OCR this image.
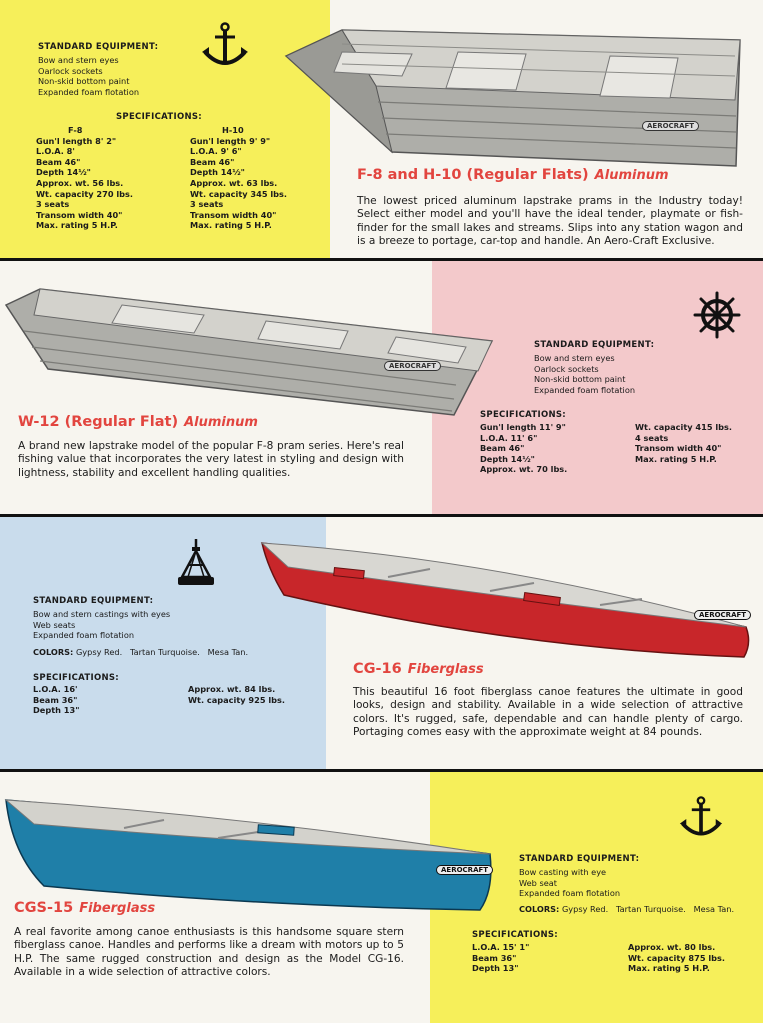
STANDARD EQUIPMENT:
Bow and stern eyes
Oarlock sockets
Non-skid bottom paint
Expanded foam flotation
SPECIFICATIONS:
F-8
Gun'l length 8' 2"
L.O.A. 8'
Beam 46"
Depth 14½"
Approx. wt. 56 lbs.
Wt. capacity 270 lbs.
3 seats
Transom width 40"
Max. rating 5 H.P.
H-10
Gun'l length 9' 9"
L.O.A. 9' 6"
Beam 46"
Depth 14½"
Approx. wt. 63 lbs.
Wt. capacity 345 lbs.
3 seats
Transom width 40"
Max. rating 5 H.P.
AEROCRAFT
F-8 and H-10 (Regular Flats) Aluminum
The lowest priced aluminum lapstrake prams in the Industry today! Select either model and you'll have the ideal tender, playmate or fish-finder for the small lakes and streams. Slips into any station wagon and is a breeze to portage, car-top and handle. An Aero-Craft Exclusive.
AEROCRAFT
STANDARD EQUIPMENT:
Bow and stern eyes
Oarlock sockets
Non-skid bottom paint
Expanded foam flotation
SPECIFICATIONS:
Gun'l length 11' 9"
L.O.A. 11' 6"
Beam 46"
Depth 14½"
Approx. wt. 70 lbs.
Wt. capacity 415 lbs.
4 seats
Transom width 40"
Max. rating 5 H.P.
W-12 (Regular Flat) Aluminum
A brand new lapstrake model of the popular F-8 pram series. Here's real fishing value that incorporates the very latest in styling and design with lightness, stability and excellent handling qualities.
STANDARD EQUIPMENT:
Bow and stern castings with eyes
Web seats
Expanded foam flotation
COLORS: Gypsy Red.   Tartan Turquoise.   Mesa Tan.
SPECIFICATIONS:
L.O.A. 16'
Beam 36"
Depth 13"
Approx. wt. 84 lbs.
Wt. capacity 925 lbs.
AEROCRAFT
CG-16 Fiberglass
This beautiful 16 foot fiberglass canoe features the ultimate in good looks, design and stability. Available in a wide selection of attractive colors. It's rugged, safe, dependable and can handle plenty of cargo. Portaging comes easy with the approximate weight at 84 pounds.
AEROCRAFT
STANDARD EQUIPMENT:
Bow casting with eye
Web seat
Expanded foam flotation
COLORS: Gypsy Red.   Tartan Turquoise.   Mesa Tan.
SPECIFICATIONS:
L.O.A. 15' 1"
Beam 36"
Depth 13"
Approx. wt. 80 lbs.
Wt. capacity 875 lbs.
Max. rating 5 H.P.
CGS-15 Fiberglass
A real favorite among canoe enthusiasts is this handsome square stern fiberglass canoe. Handles and performs like a dream with motors up to 5 H.P. The same rugged construction and design as the Model CG-16. Available in a wide selection of attractive colors.
